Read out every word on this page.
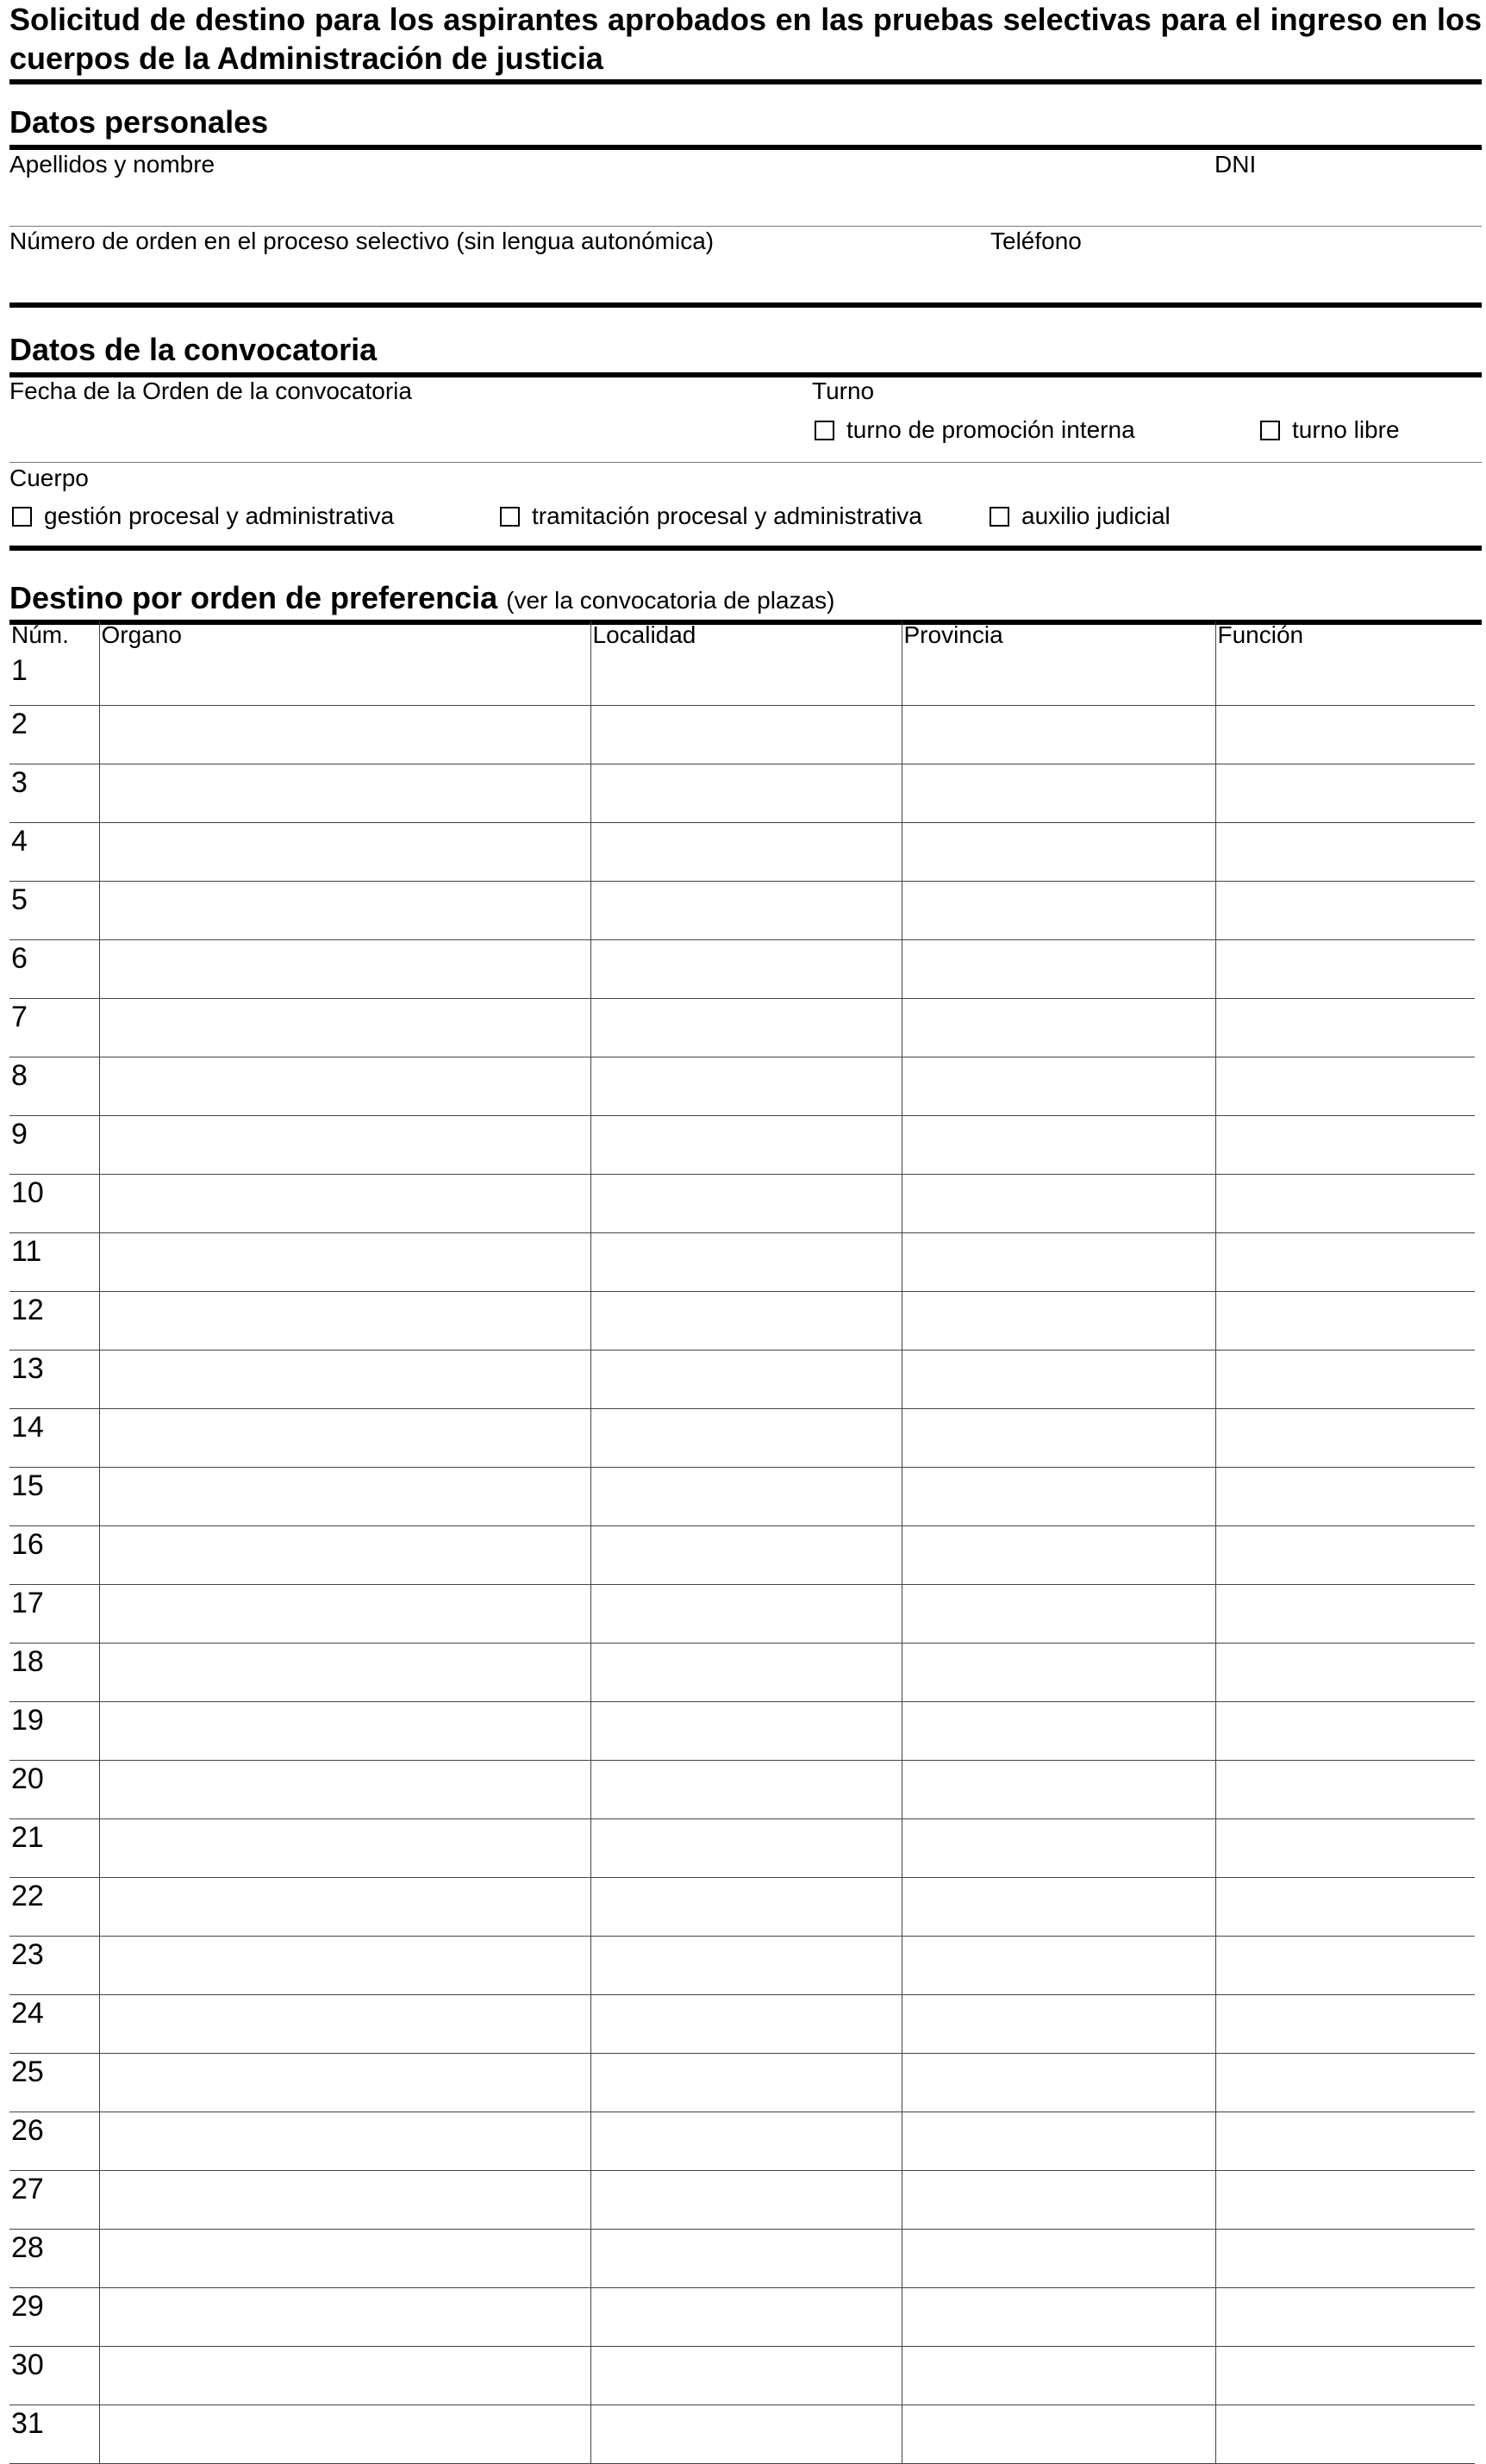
Solicitud de destino para los aspirantes aprobados en las pruebas selectivas para el ingreso en los cuerpos de la Administración de justicia
Datos personales
Apellidos y nombre	DNI
Número de orden en el proceso selectivo (sin lengua autonómica)	Teléfono
Datos de la convocatoria
Fecha de la Orden de la convocatoria	Turno
turno de promoción interna	turno libre
Cuerpo
gestión procesal y administrativa	tramitación procesal y administrativa	auxilio judicial
Destino por orden de preferencia (ver la convocatoria de plazas)
Núm.	Órgano	Localidad	Provincia	Función
1				
2				
3				
4				
5				
6				
7				
8				
9				
10				
11				
12				
13				
14				
15				
16				
17				
18				
19				
20				
21				
22				
23				
24				
25				
26				
27				
28				
29				
30				
31				
